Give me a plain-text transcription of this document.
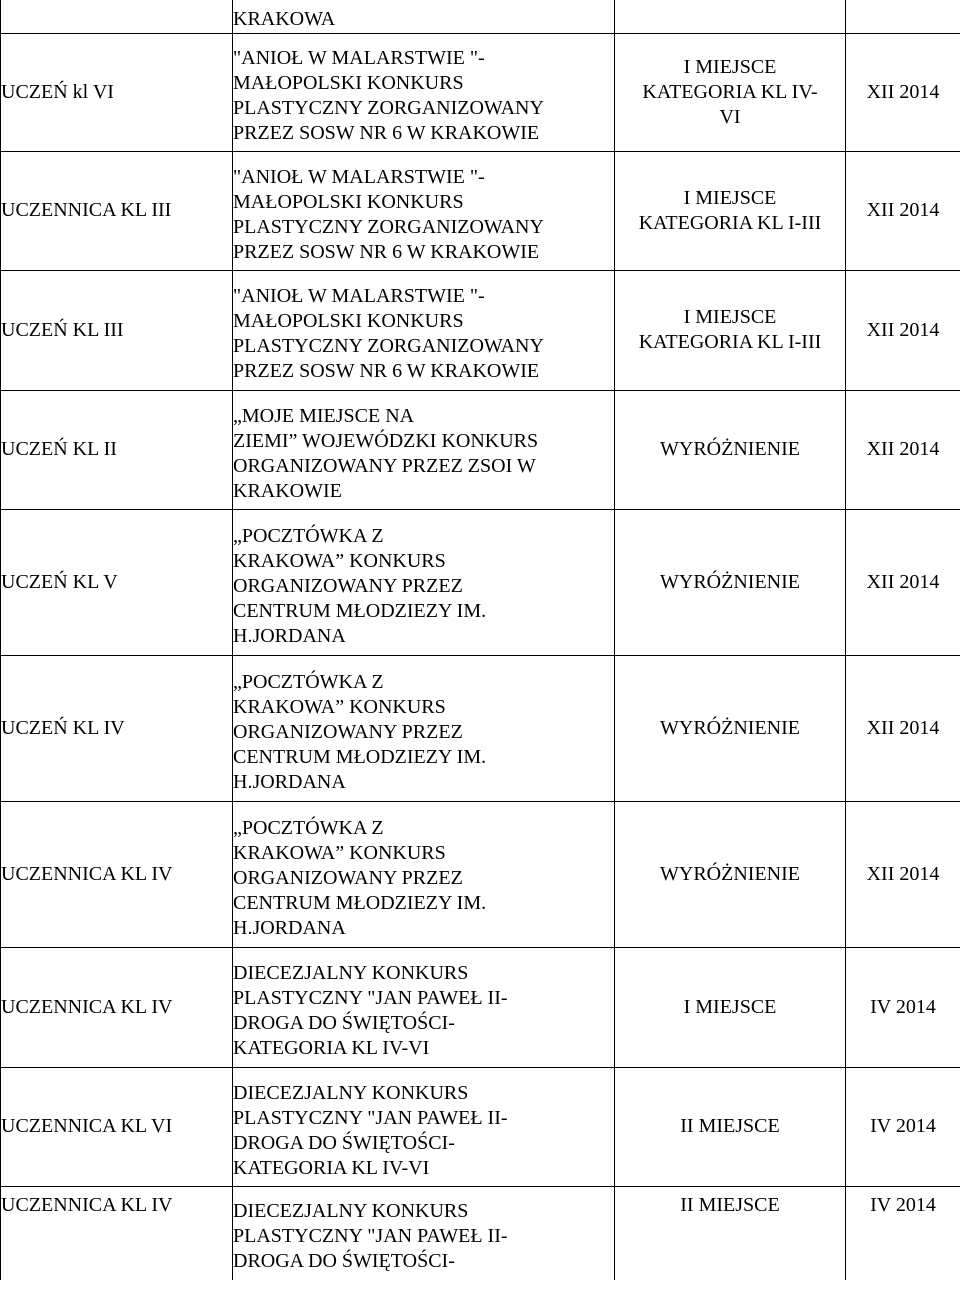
	KRAKOWA		

UCZEŃ kl VI	"ANIOŁ W MALARSTWIE "-
MAŁOPOLSKI KONKURS
PLASTYCZNY ZORGANIZOWANY
PRZEZ SOSW NR 6 W KRAKOWIE	I MIEJSCE
KATEGORIA KL IV-
VI	XII 2014
UCZENNICA KL III	"ANIOŁ W MALARSTWIE "-
MAŁOPOLSKI KONKURS
PLASTYCZNY ZORGANIZOWANY
PRZEZ SOSW NR 6 W KRAKOWIE	I MIEJSCE
KATEGORIA KL I-III	XII 2014
UCZEŃ KL III	"ANIOŁ W MALARSTWIE "-
MAŁOPOLSKI KONKURS
PLASTYCZNY ZORGANIZOWANY
PRZEZ SOSW NR 6 W KRAKOWIE	I MIEJSCE
KATEGORIA KL I-III	XII 2014
UCZEŃ KL II	„MOJE MIEJSCE NA
ZIEMI” WOJEWÓDZKI KONKURS
ORGANIZOWANY PRZEZ ZSOI W
KRAKOWIE	WYRÓŻNIENIE	XII 2014
UCZEŃ KL V	„POCZTÓWKA Z
KRAKOWA” KONKURS
ORGANIZOWANY PRZEZ
CENTRUM MŁODZIEZY IM.
H.JORDANA	WYRÓŻNIENIE	XII 2014
UCZEŃ KL IV	„POCZTÓWKA Z
KRAKOWA” KONKURS
ORGANIZOWANY PRZEZ
CENTRUM MŁODZIEZY IM.
H.JORDANA	WYRÓŻNIENIE	XII 2014
UCZENNICA KL IV	„POCZTÓWKA Z
KRAKOWA” KONKURS
ORGANIZOWANY PRZEZ
CENTRUM MŁODZIEZY IM.
H.JORDANA	WYRÓŻNIENIE	XII 2014
UCZENNICA KL IV	DIECEZJALNY KONKURS
PLASTYCZNY "JAN PAWEŁ II-
DROGA DO ŚWIĘTOŚCI-
KATEGORIA KL IV-VI	I MIEJSCE	IV 2014
UCZENNICA KL VI	DIECEZJALNY KONKURS
PLASTYCZNY "JAN PAWEŁ II-
DROGA DO ŚWIĘTOŚCI-
KATEGORIA KL IV-VI	II MIEJSCE	IV 2014
UCZENNICA KL IV	DIECEZJALNY KONKURS
PLASTYCZNY "JAN PAWEŁ II-
DROGA DO ŚWIĘTOŚCI-	II MIEJSCE	IV 2014
